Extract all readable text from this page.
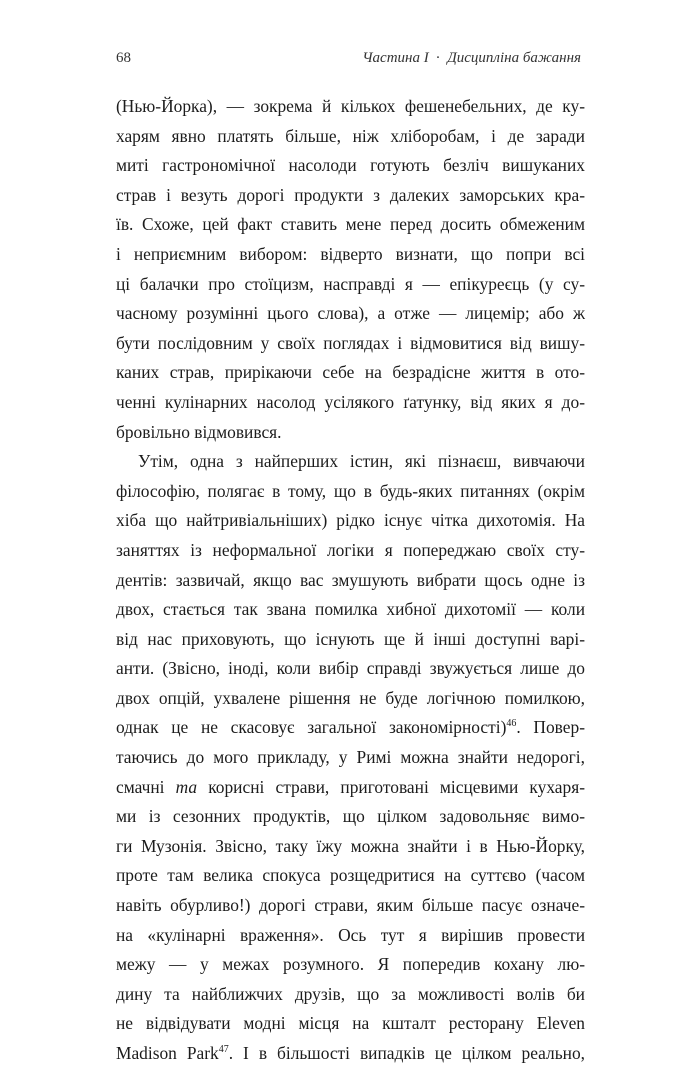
68	Частина I · Дисципліна бажання
(Нью-Йорка), — зокрема й кількох фешенебельних, де ку-
харям явно платять більше, ніж хліборобам, і де заради
миті гастрономічної насолоди готують безліч вишуканих
страв і везуть дорогі продукти з далеких заморських кра-
їв. Схоже, цей факт ставить мене перед досить обмеженим
і неприємним вибором: відверто визнати, що попри всі
ці балачки про стоїцизм, насправді я — епікуреєць (у су-
часному розумінні цього слова), а отже — лицемір; або ж
бути послідовним у своїх поглядах і відмовитися від вишу-
каних страв, прирікаючи себе на безрадісне життя в ото-
ченні кулінарних насолод усілякого ґатунку, від яких я до-
бровільно відмовився.
Утім, одна з найперших істин, які пізнаєш, вивчаючи
філософію, полягає в тому, що в будь-яких питаннях (окрім
хіба що найтривіальніших) рідко існує чітка дихотомія. На
заняттях із неформальної логіки я попереджаю своїх сту-
дентів: зазвичай, якщо вас змушують вибрати щось одне із
двох, стається так звана помилка хибної дихотомії — коли
від нас приховують, що існують ще й інші доступні варі-
анти. (Звісно, іноді, коли вибір справді звужується лише до
двох опцій, ухвалене рішення не буде логічною помилкою,
однак це не скасовує загальної закономірності)$^{46}$. Повер-
таючись до мого прикладу, у Римі можна знайти недорогі,
смачні та корисні страви, приготовані місцевими кухаря-
ми із сезонних продуктів, що цілком задовольняє вимо-
ги Музонія. Звісно, таку їжу можна знайти і в Нью-Йорку,
проте там велика спокуса розщедритися на суттєво (часом
навіть обурливо!) дорогі страви, яким більше пасує означе-
на «кулінарні враження». Ось тут я вирішив провести
межу — у межах розумного. Я попередив кохану лю-
дину та найближчих друзів, що за можливості волів би
не відвідувати модні місця на кшталт ресторану Eleven
Madison Park$^{47}$. І в більшості випадків це цілком реально,
